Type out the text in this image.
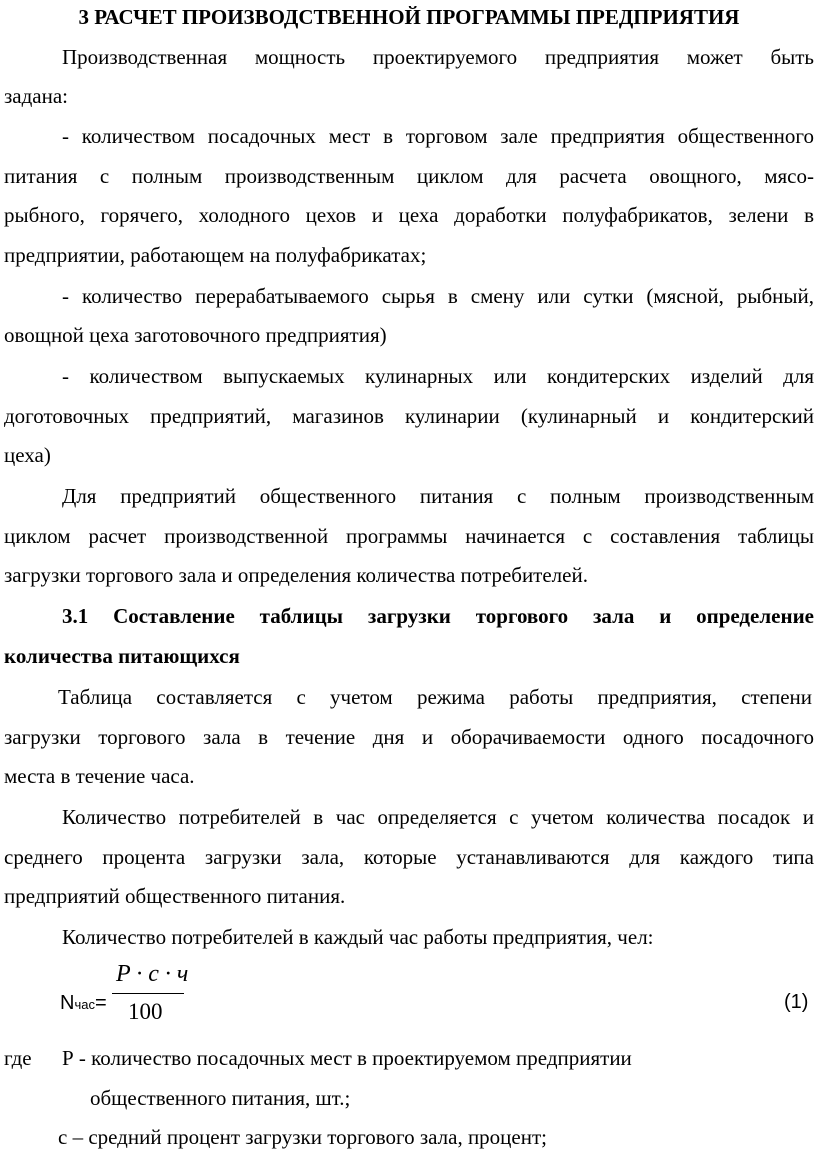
3 РАСЧЕТ ПРОИЗВОДСТВЕННОЙ ПРОГРАММЫ ПРЕДПРИЯТИЯ
Производственная мощность проектируемого предприятия может быть
задана:
- количеством посадочных мест в торговом зале предприятия общественного
питания с полным производственным циклом для расчета овощного, мясо-
рыбного, горячего, холодного цехов и цеха доработки полуфабрикатов, зелени в
предприятии, работающем на полуфабрикатах;
- количество перерабатываемого сырья в смену или сутки (мясной, рыбный,
овощной цеха заготовочного предприятия)
- количеством выпускаемых кулинарных или кондитерских изделий для
доготовочных предприятий, магазинов кулинарии (кулинарный и кондитерский
цеха)
Для предприятий общественного питания с полным производственным
циклом расчет производственной программы начинается с составления таблицы
загрузки торгового зала и определения количества потребителей.
3.1 Составление таблицы загрузки торгового зала и определение
количества питающихся
Таблица составляется с учетом режима работы предприятия, степени
загрузки торгового зала в течение дня и оборачиваемости одного посадочного
места в течение часа.
Количество потребителей в час определяется с учетом количества посадок и
среднего процента загрузки зала, которые устанавливаются для каждого типа
предприятий общественного питания.
Количество потребителей в каждый час работы предприятия, чел:
Nчас=
P · c · ч
100	(1)
где Р - количество посадочных мест в проектируемом предприятии
общественного питания, шт.;
с – средний процент загрузки торгового зала, процент;
